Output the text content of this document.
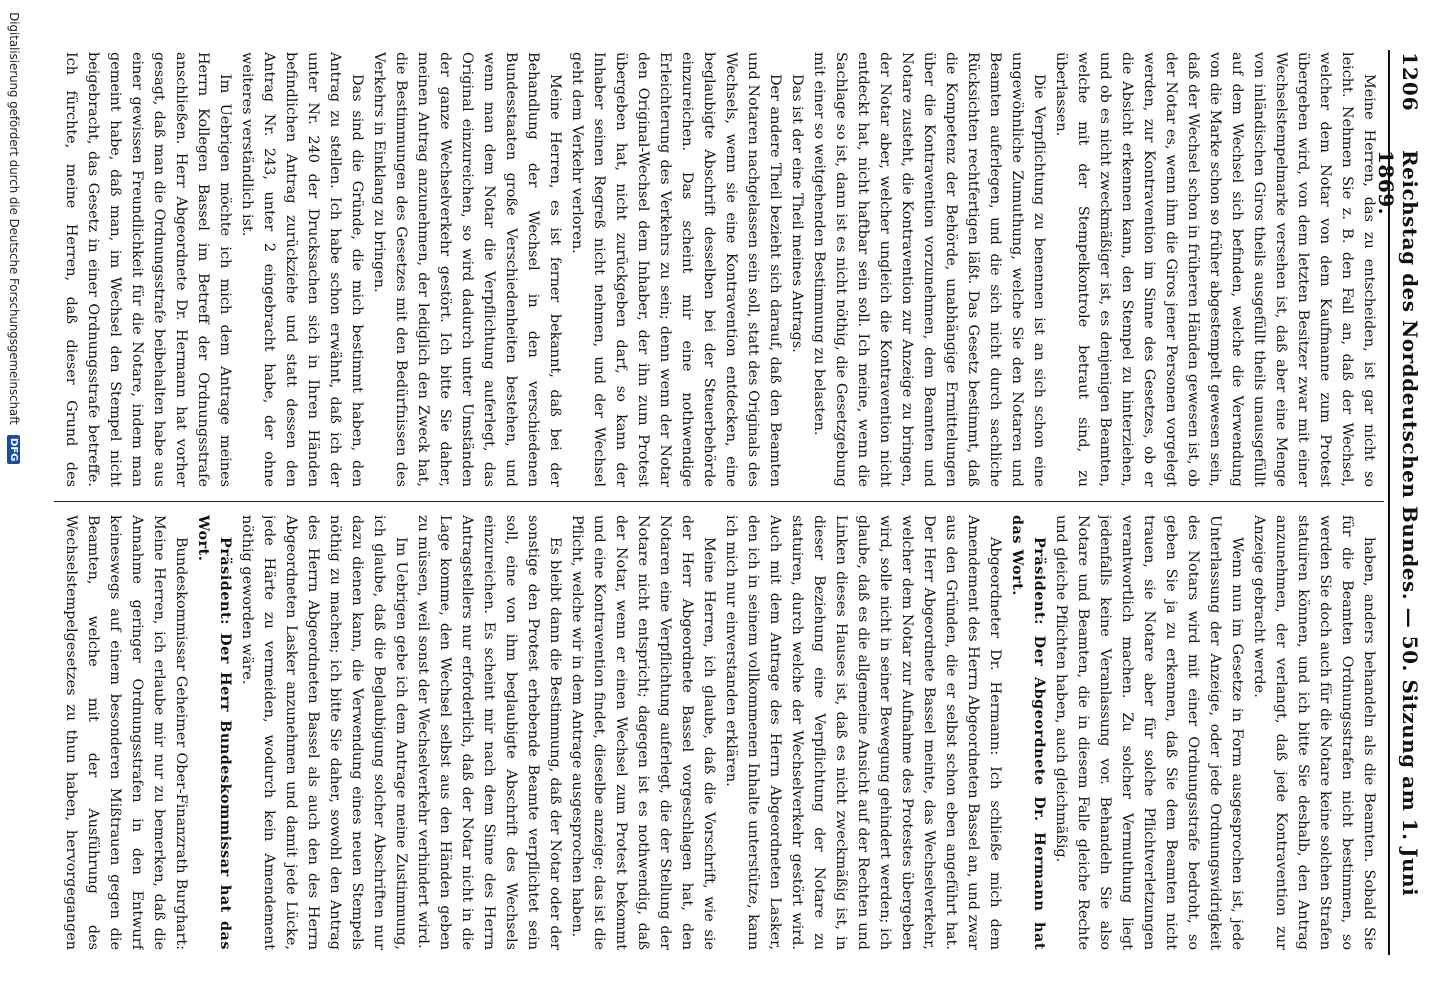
1206
Reichstag des Norddeutschen Bundes. — 50. Sitzung am 1. Juni 1869.

Meine Herren, das zu entscheiden, ist gar nicht so leicht. Nehmen Sie z. B. den Fall an, daß der Wechsel, welcher dem Notar von dem Kaufmanne zum Protest übergeben wird, von dem letzten Besitzer zwar mit einer Wechselstempelmarke versehen ist, daß aber eine Menge von inländischen Giros theils ausgefüllt theils unausgefüllt auf dem Wechsel sich befinden, welche die Verwendung von die Marke schon so früher abgestempelt gewesen sein, daß der Wechsel schon in früheren Händen gewesen ist, ob der Notar es, wenn ihm die Giros jener Personen vorgelegt werden, zur Kontravention im Sinne des Gesetzes, ob er die Absicht erkennen kann, den Stempel zu hinterziehen, und ob es nicht zweckmäßiger ist, es denjenigen Beamten, welche mit der Stempelkontrole betraut sind, zu überlassen.

Die Verpflichtung zu benennen ist an sich schon eine ungewöhnliche Zumuthung, welche Sie den Notaren und Beamten auferlegen, und die sich nicht durch sachliche Rücksichten rechtfertigen läßt. Das Gesetz bestimmt, daß die Kompetenz der Behörde, unabhängige Ermittelungen über die Kontravention vorzunehmen, dem Beamten und Notare zusteht, die Kontravention zur Anzeige zu bringen, der Notar aber, welcher ungleich die Kontravention nicht entdeckt hat, nicht haftbar sein soll. Ich meine, wenn die Sachlage so ist, dann ist es nicht nöthig, die Gesetzgebung mit einer so weitgehenden Bestimmung zu belasten.

Das ist der eine Theil meines Antrags.

Der andere Theil bezieht sich darauf, daß den Beamten und Notaren nachgelassen sein soll, statt des Originals des Wechsels, wenn sie eine Kontravention entdecken, eine beglaubigte Abschrift desselben bei der Steuerbehörde einzureichen. Das scheint mir eine nothwendige Erleichterung des Verkehrs zu sein; denn wenn der Notar den Original-Wechsel dem Inhaber, der ihn zum Protest übergeben hat, nicht zurückgeben darf, so kann der Inhaber seinen Regreß nicht nehmen, und der Wechsel geht dem Verkehr verloren.

Meine Herren, es ist ferner bekannt, daß bei der Behandlung der Wechsel in den verschiedenen Bundesstaaten große Verschiedenheiten bestehen, und wenn man dem Notar die Verpflichtung auferlegt, das Original einzureichen, so wird dadurch unter Umständen der ganze Wechselverkehr gestört. Ich bitte Sie daher, meinen Antrag anzunehmen, der lediglich den Zweck hat, die Bestimmungen des Gesetzes mit den Bedürfnissen des Verkehrs in Einklang zu bringen.

Das sind die Gründe, die mich bestimmt haben, den Antrag zu stellen. Ich habe schon erwähnt, daß ich der unter Nr. 240 der Drucksachen sich in Ihren Händen befindlichen Antrag zurückziehe und statt dessen den Antrag Nr. 243, unter 2 eingebracht habe, der ohne weiteres verständlich ist.

Im Uebrigen möchte ich mich dem Antrage meines Herrn Kollegen Bassel im Betreff der Ordnungsstrafe anschließen. Herr Abgeordnete Dr. Hermann hat vorher gesagt, daß man die Ordnungsstrafe beibehalten habe aus einer gewissen Freundlichkeit für die Notare, indem man gemeint habe, daß man, im Wechsel den Stempel nicht beigebracht, das Gesetz in einer Ordnungsstrafe betreffe. Ich fürchte, meine Herren, daß dieser Grund des

haben, anders behandeln als die Beamten. Sobald Sie für die Beamten Ordnungsstrafen nicht bestimmen, so werden Sie doch auch für die Notare keine solchen Strafen statuiren können, und ich bitte Sie deshalb, den Antrag anzunehmen, der verlangt, daß jede Kontravention zur Anzeige gebracht werde.

Wenn nun im Gesetze in Form ausgesprochen ist, jede Unterlassung der Anzeige, oder jede Ordnungswidrigkeit des Notars wird mit einer Ordnungsstrafe bedroht, so geben Sie ja zu erkennen, daß Sie dem Beamten nicht trauen, sie Notare aber für solche Pflichtverletzungen verantwortlich machen. Zu solcher Vermuthung liegt jedenfalls keine Veranlassung vor. Behandeln Sie also Notare und Beamten, die in diesem Falle gleiche Rechte und gleiche Pflichten haben, auch gleichmäßig.

Präsident: Der Abgeordnete Dr. Hermann hat das Wort.

Abgeordneter Dr. Hermann: Ich schließe mich dem Amendement des Herrn Abgeordneten Bassel an, und zwar aus den Gründen, die er selbst schon eben angeführt hat. Der Herr Abgeordnete Bassel meinte, das Wechselverkehr, welcher dem Notar zur Aufnahme des Protestes übergeben wird, solle nicht in seiner Bewegung gehindert werden; ich glaube, daß es die allgemeine Ansicht auf der Rechten und Linken dieses Hauses ist, daß es nicht zweckmäßig ist, in dieser Beziehung eine Verpflichtung der Notare zu statuiren, durch welche der Wechselverkehr gestört wird. Auch mit dem Antrage des Herrn Abgeordneten Lasker, den ich in seinem vollkommenen Inhalte unterstütze, kann ich mich nur einverstanden erklären.

Meine Herren, ich glaube, daß die Vorschrift, wie sie der Herr Abgeordnete Bassel vorgeschlagen hat, den Notaren eine Verpflichtung auferlegt, die der Stellung der Notare nicht entspricht; dagegen ist es nothwendig, daß der Notar, wenn er einen Wechsel zum Protest bekommt und eine Kontravention findet, dieselbe anzeige; das ist die Pflicht, welche wir in dem Antrage ausgesprochen haben.

Es bleibt dann die Bestimmung, daß der Notar oder der sonstige den Protest erhebende Beamte verpflichtet sein soll, eine von ihm beglaubigte Abschrift des Wechsels einzureichen. Es scheint mir nach dem Sinne des Herrn Antragstellers nur erforderlich, daß der Notar nicht in die Lage komme, den Wechsel selbst aus den Händen geben zu müssen, weil sonst der Wechselverkehr verhindert wird.

Im Uebrigen gebe ich dem Antrage meine Zustimmung, ich glaube, daß die Beglaubigung solcher Abschriften nur dazu dienen kann, die Verwendung eines neuen Stempels nöthig zu machen; ich bitte Sie daher, sowohl den Antrag des Herrn Abgeordneten Bassel als auch den des Herrn Abgeordneten Lasker anzunehmen und damit jede Lücke, jede Härte zu vermeiden, wodurch kein Amendement nöthig geworden wäre.

Präsident: Der Herr Bundeskommissar hat das Wort.

Bundeskommissar Geheimer Ober-Finanzrath Burghart: Meine Herren, ich erlaube mir nur zu bemerken, daß die Annahme geringer Ordnungsstrafen in den Entwurf keineswegs auf einem besonderen Mißtrauen gegen die Beamten, welche mit der Ausführung des Wechselstempelgesetzes zu thun haben, hervorgegangen

Digitalisierung gefördert durch die Deutsche Forschungsgemeinschaft
DFG
